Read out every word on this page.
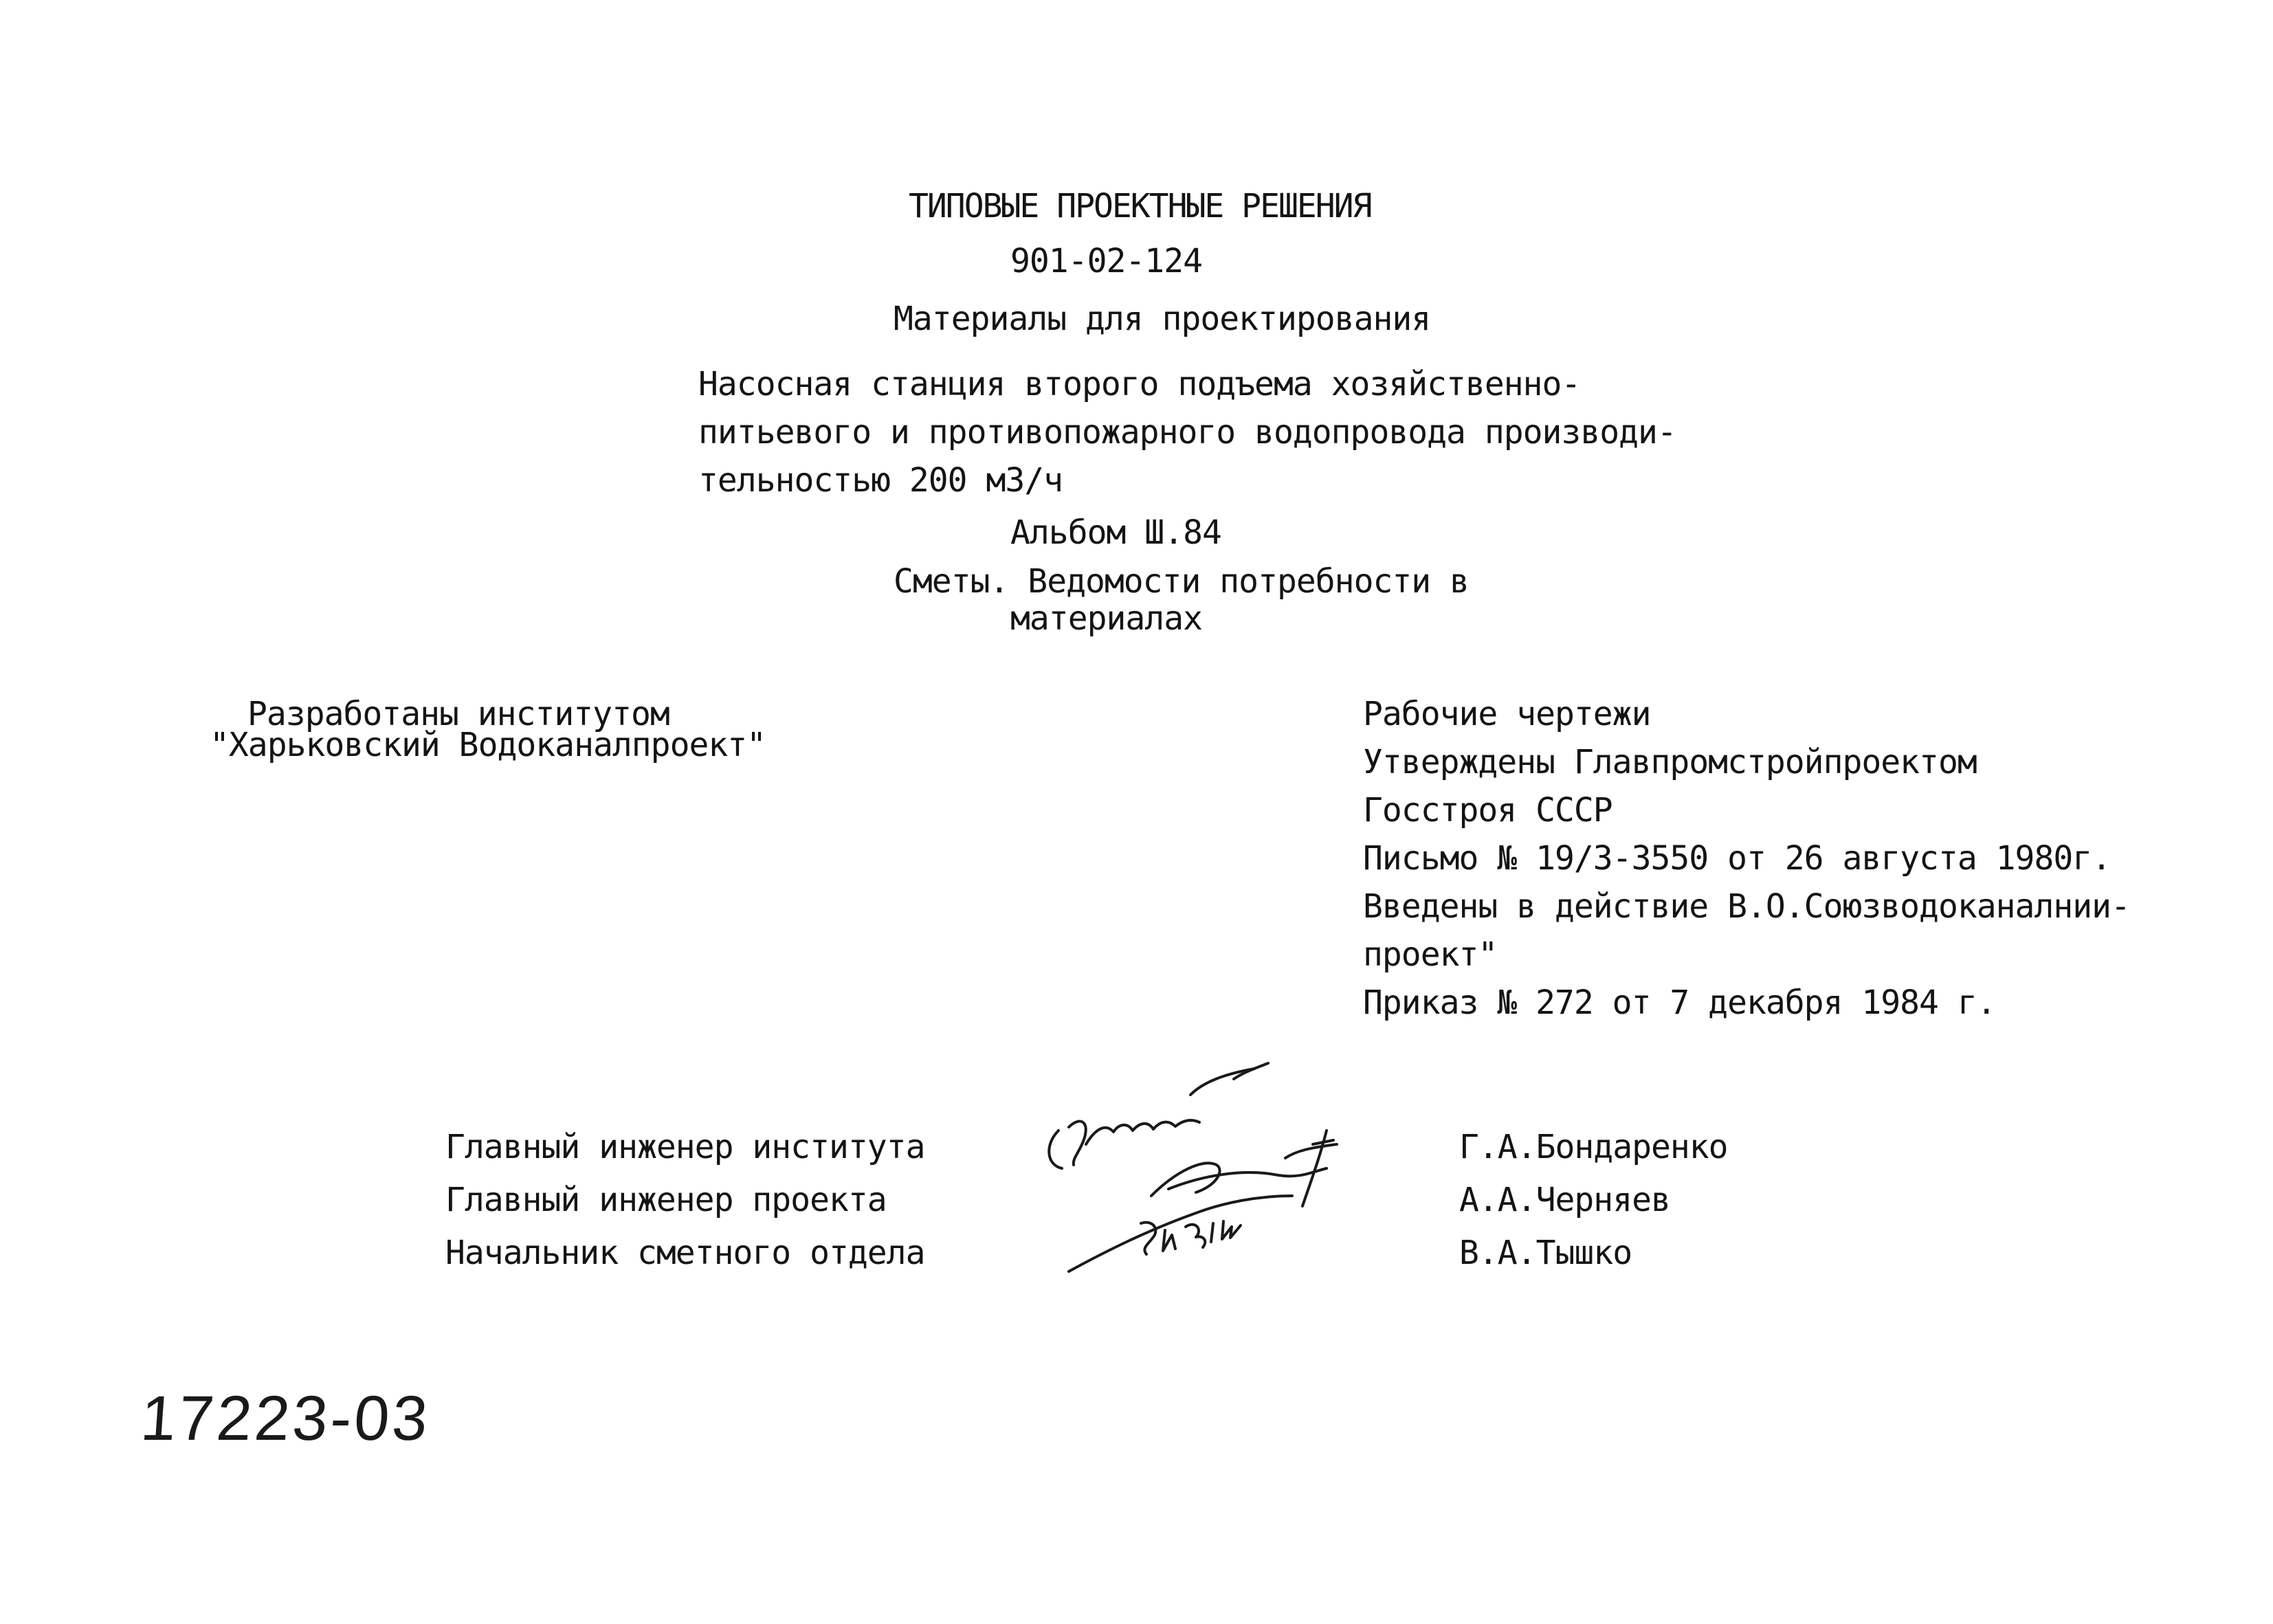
ТИПОВЫЕ ПРОЕКТНЫЕ РЕШЕНИЯ
901-02-124
Материалы для проектирования
Насосная станция второго подъема хозяйственно-
питьевого и противопожарного водопровода производи-
тельностью 200 м3/ч
Альбом Ш.84
Сметы. Ведомости потребности в
материалах
Разработаны институтом
"Харьковский Водоканалпроект"
Рабочие чертежи
Утверждены Главпромстройпроектом
Госстроя СССР
Письмо № 19/3-3550 от 26 августа 1980г.
Введены в действие В.О.Союзводоканалнии-
проект"
Приказ № 272 от 7 декабря 1984 г.
Главный инженер института
Главный инженер проекта
Начальник сметного отдела
Г.А.Бондаренко
А.А.Черняев
В.А.Тышко
17223-03
